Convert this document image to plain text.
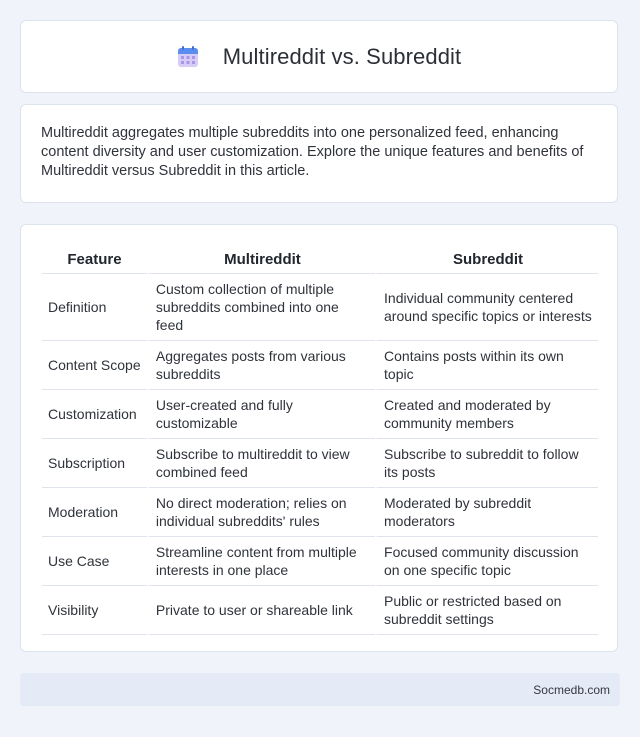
Multireddit vs. Subreddit

Multireddit aggregates multiple subreddits into one personalized feed, enhancing content diversity and user customization. Explore the unique features and benefits of Multireddit versus Subreddit in this article.

Feature	Multireddit	Subreddit
Definition	Custom collection of multiple subreddits combined into one feed	Individual community centered around specific topics or interests
Content Scope	Aggregates posts from various subreddits	Contains posts within its own topic
Customization	User-created and fully customizable	Created and moderated by community members
Subscription	Subscribe to multireddit to view combined feed	Subscribe to subreddit to follow its posts
Moderation	No direct moderation; relies on individual subreddits' rules	Moderated by subreddit moderators
Use Case	Streamline content from multiple interests in one place	Focused community discussion on one specific topic
Visibility	Private to user or shareable link	Public or restricted based on subreddit settings
Socmedb.com
